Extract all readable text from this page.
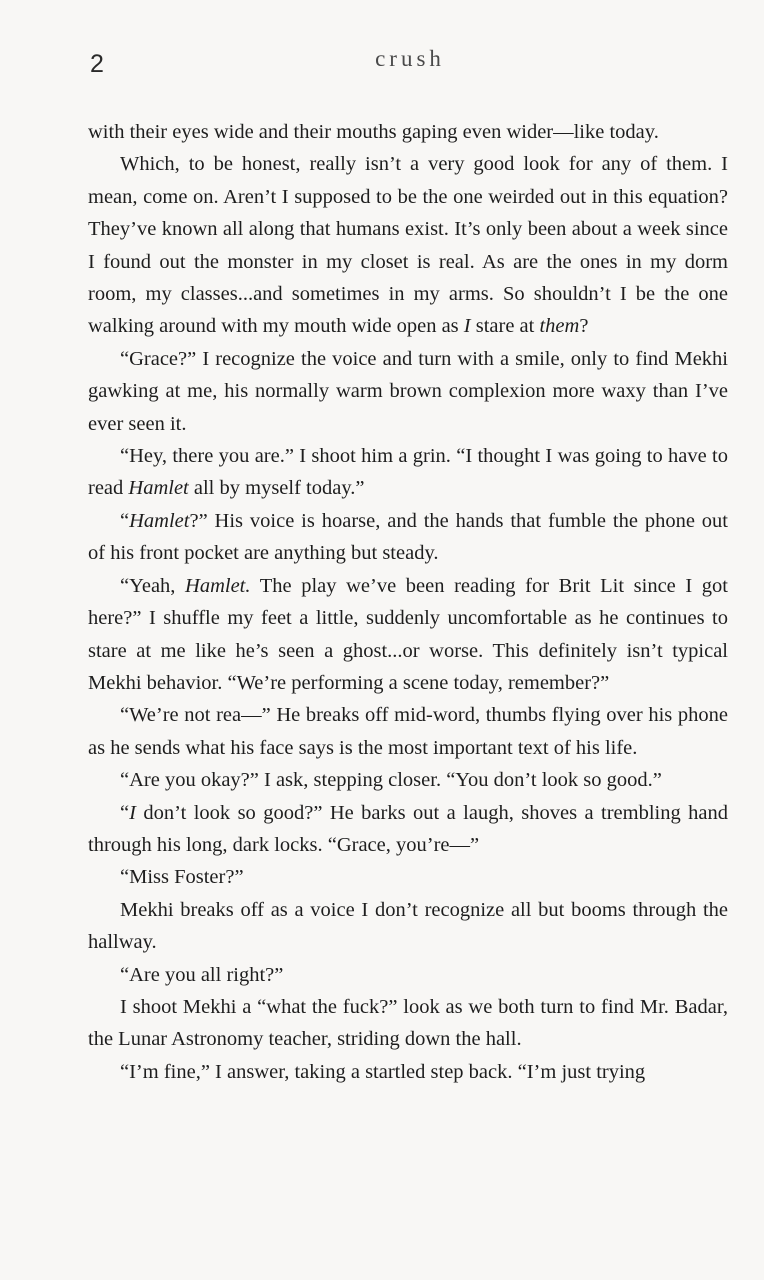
2	crush

with their eyes wide and their mouths gaping even wider—like today.

Which, to be honest, really isn’t a very good look for any of them. I mean, come on. Aren’t I supposed to be the one weirded out in this equation? They’ve known all along that humans exist. It’s only been about a week since I found out the monster in my closet is real. As are the ones in my dorm room, my classes...and sometimes in my arms. So shouldn’t I be the one walking around with my mouth wide open as I stare at them?

“Grace?” I recognize the voice and turn with a smile, only to find Mekhi gawking at me, his normally warm brown complexion more waxy than I’ve ever seen it.

“Hey, there you are.” I shoot him a grin. “I thought I was going to have to read Hamlet all by myself today.”

“Hamlet?” His voice is hoarse, and the hands that fumble the phone out of his front pocket are anything but steady.

“Yeah, Hamlet. The play we’ve been reading for Brit Lit since I got here?” I shuffle my feet a little, suddenly uncomfortable as he continues to stare at me like he’s seen a ghost...or worse. This definitely isn’t typical Mekhi behavior. “We’re performing a scene today, remember?”

“We’re not rea—” He breaks off mid-word, thumbs flying over his phone as he sends what his face says is the most important text of his life.

“Are you okay?” I ask, stepping closer. “You don’t look so good.”

“I don’t look so good?” He barks out a laugh, shoves a trembling hand through his long, dark locks. “Grace, you’re—”

“Miss Foster?”

Mekhi breaks off as a voice I don’t recognize all but booms through the hallway.

“Are you all right?”

I shoot Mekhi a “what the fuck?” look as we both turn to find Mr. Badar, the Lunar Astronomy teacher, striding down the hall.

“I’m fine,” I answer, taking a startled step back. “I’m just trying
